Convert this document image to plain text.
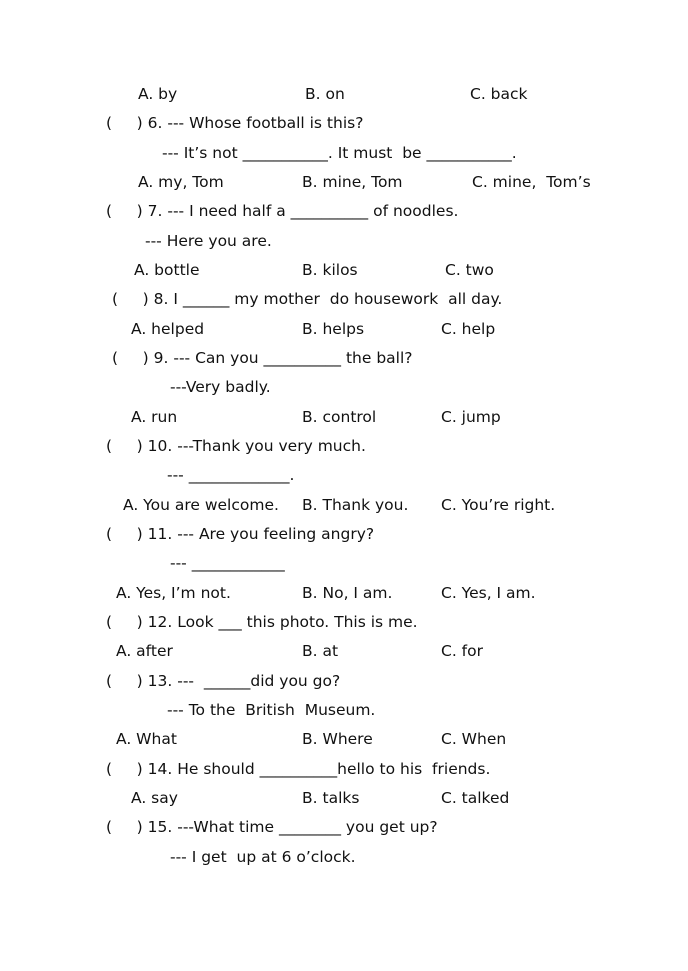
A. by	B. on	C. back
(     ) 6. --- Whose football is this?
--- It’s not ___________. It must  be ___________.
A. my, Tom	B. mine, Tom	C. mine,  Tom’s
(     ) 7. --- I need half a __________ of noodles.
--- Here you are.
A. bottle	B. kilos	C. two
(     ) 8. I ______ my mother  do housework  all day.
A. helped	B. helps	C. help
(     ) 9. --- Can you __________ the ball?
---Very badly.
A. run	B. control	C. jump
(     ) 10. ---Thank you very much.
--- _____________.
A. You are welcome. B. Thank you. C. You’re right.
(     ) 11. --- Are you feeling angry?
--- ____________
A. Yes, I’m not.	B. No, I am.	C. Yes, I am.
(     ) 12. Look ___ this photo. This is me.
A. after	B. at	C. for
(     ) 13. ---  ______did you go?
--- To the  British  Museum.
A. What	B. Where	C. When
(     ) 14. He should __________hello to his  friends.
A. say	B. talks	C. talked
(     ) 15. ---What time ________ you get up?
--- I get  up at 6 o’clock.
